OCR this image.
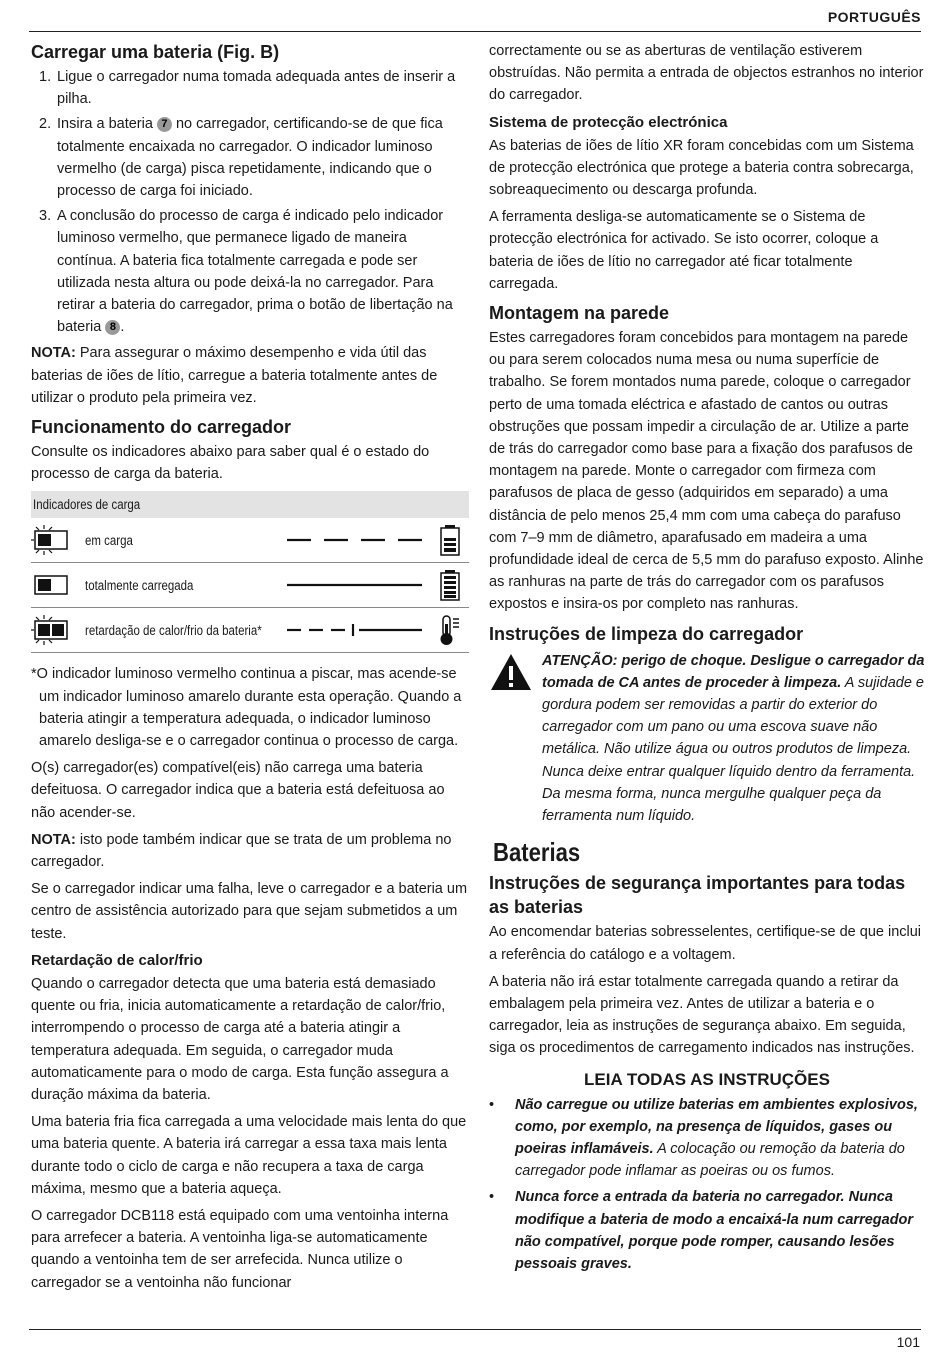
PORTUGUÊS
Carregar uma bateria (Fig. B)
1. Ligue o carregador numa tomada adequada antes de inserir a pilha.
2. Insira a bateria 7 no carregador, certificando-se de que fica totalmente encaixada no carregador. O indicador luminoso vermelho (de carga) pisca repetidamente, indicando que o processo de carga foi iniciado.
3. A conclusão do processo de carga é indicado pelo indicador luminoso vermelho, que permanece ligado de maneira contínua. A bateria fica totalmente carregada e pode ser utilizada nesta altura ou pode deixá-la no carregador. Para retirar a bateria do carregador, prima o botão de libertação na bateria 8 .

NOTA: Para assegurar o máximo desempenho e vida útil das baterias de iões de lítio, carregue a bateria totalmente antes de utilizar o produto pela primeira vez.

Funcionamento do carregador

Consulte os indicadores abaixo para saber qual é o estado do processo de carga da bateria.

Indicadores de carga
em carga
totalmente carregada
retardação de calor/frio da bateria*

*O indicador luminoso vermelho continua a piscar, mas acende-se um indicador luminoso amarelo durante esta operação. Quando a bateria atingir a temperatura adequada, o indicador luminoso amarelo desliga-se e o carregador continua o processo de carga.

O(s) carregador(es) compatível(eis) não carrega uma bateria defeituosa. O carregador indica que a bateria está defeituosa ao não acender-se.

NOTA: isto pode também indicar que se trata de um problema no carregador.

Se o carregador indicar uma falha, leve o carregador e a bateria um centro de assistência autorizado para que sejam submetidos a um teste.

Retardação de calor/frio

Quando o carregador detecta que uma bateria está demasiado quente ou fria, inicia automaticamente a retardação de calor/frio, interrompendo o processo de carga até a bateria atingir a temperatura adequada. Em seguida, o carregador muda automaticamente para o modo de carga. Esta função assegura a duração máxima da bateria.

Uma bateria fria fica carregada a uma velocidade mais lenta do que uma bateria quente. A bateria irá carregar a essa taxa mais lenta durante todo o ciclo de carga e não recupera a taxa de carga máxima, mesmo que a bateria aqueça.

O carregador DCB118 está equipado com uma ventoinha interna para arrefecer a bateria. A ventoinha liga-se automaticamente quando a ventoinha tem de ser arrefecida. Nunca utilize o carregador se a ventoinha não funcionar

correctamente ou se as aberturas de ventilação estiverem obstruídas. Não permita a entrada de objectos estranhos no interior do carregador.

Sistema de protecção electrónica

As baterias de iões de lítio XR foram concebidas com um Sistema de protecção electrónica que protege a bateria contra sobrecarga, sobreaquecimento ou descarga profunda.

A ferramenta desliga-se automaticamente se o Sistema de protecção electrónica for activado. Se isto ocorrer, coloque a bateria de iões de lítio no carregador até ficar totalmente carregada.

Montagem na parede

Estes carregadores foram concebidos para montagem na parede ou para serem colocados numa mesa ou numa superfície de trabalho. Se forem montados numa parede, coloque o carregador perto de uma tomada eléctrica e afastado de cantos ou outras obstruções que possam impedir a circulação de ar. Utilize a parte de trás do carregador como base para a fixação dos parafusos de montagem na parede. Monte o carregador com firmeza com parafusos de placa de gesso (adquiridos em separado) a uma distância de pelo menos 25,4 mm com uma cabeça do parafuso com 7–9 mm de diâmetro, aparafusado em madeira a uma profundidade ideal de cerca de 5,5 mm do parafuso exposto. Alinhe as ranhuras na parte de trás do carregador com os parafusos expostos e insira-os por completo nas ranhuras.

Instruções de limpeza do carregador
ATENÇÃO: perigo de choque. Desligue o carregador da tomada de CA antes de proceder à limpeza. A sujidade e gordura podem ser removidas a partir do exterior do carregador com um pano ou uma escova suave não metálica. Não utilize água ou outros produtos de limpeza. Nunca deixe entrar qualquer líquido dentro da ferramenta. Da mesma forma, nunca mergulhe qualquer peça da ferramenta num líquido.
Baterias
Instruções de segurança importantes para todas as baterias

Ao encomendar baterias sobresselentes, certifique-se de que inclui a referência do catálogo e a voltagem.

A bateria não irá estar totalmente carregada quando a retirar da embalagem pela primeira vez. Antes de utilizar a bateria e o carregador, leia as instruções de segurança abaixo. Em seguida, siga os procedimentos de carregamento indicados nas instruções.

LEIA TODAS AS INSTRUÇÕES
• Não carregue ou utilize baterias em ambientes explosivos, como, por exemplo, na presença de líquidos, gases ou poeiras inflamáveis. A colocação ou remoção da bateria do carregador pode inflamar as poeiras ou os fumos.
• Nunca force a entrada da bateria no carregador. Nunca modifique a bateria de modo a encaixá-la num carregador não compatível, porque pode romper, causando lesões pessoais graves.
101
